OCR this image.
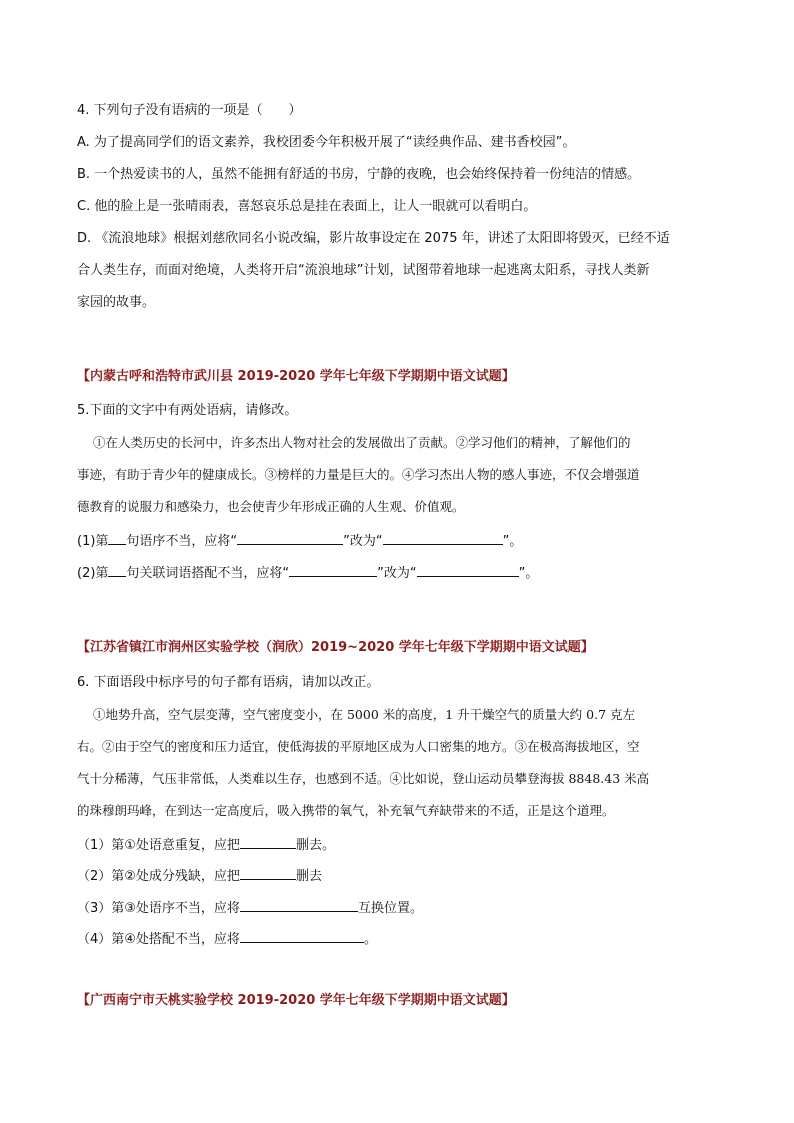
4. 下列句子没有语病的一项是（　　）
A. 为了提高同学们的语文素养，我校团委今年积极开展了“读经典作品、建书香校园”。
B. 一个热爱读书的人，虽然不能拥有舒适的书房，宁静的夜晚，也会始终保持着一份纯洁的情感。
C. 他的脸上是一张晴雨表，喜怒哀乐总是挂在表面上，让人一眼就可以看明白。
D. 《流浪地球》根据刘慈欣同名小说改编，影片故事设定在 2075 年，讲述了太阳即将毁灭，已经不适
合人类生存，而面对绝境，人类将开启“流浪地球”计划，试图带着地球一起逃离太阳系，寻找人类新
家园的故事。
【内蒙古呼和浩特市武川县 2019-2020 学年七年级下学期期中语文试题】
5.下面的文字中有两处语病，请修改。
①在人类历史的长河中，许多杰出人物对社会的发展做出了贡献。②学习他们的精神，了解他们的
事迹，有助于青少年的健康成长。③榜样的力量是巨大的。④学习杰出人物的感人事迹，不仅会增强道
德教育的说服力和感染力，也会使青少年形成正确的人生观、价值观。
(1)第 句语序不当，应将“	”改为“	”。
(2)第 句关联词语搭配不当，应将“	”改为“	”。
【江苏省镇江市润州区实验学校（润欣）2019~2020 学年七年级下学期期中语文试题】
6. 下面语段中标序号的句子都有语病，请加以改正。
①地势升高，空气层变薄，空气密度变小，在 5000 米的高度，1 升干燥空气的质量大约 0.7 克左
右。②由于空气的密度和压力适宜，使低海拔的平原地区成为人口密集的地方。③在极高海拔地区，空
气十分稀薄，气压非常低，人类难以生存，也感到不适。④比如说，登山运动员攀登海拔 8848.43 米高
的珠穆朗玛峰，在到达一定高度后，吸入携带的氧气，补充氧气弃缺带来的不适，正是这个道理。
（1）第①处语意重复，应把	删去。
（2）第②处成分残缺，应把	删去
（3）第③处语序不当，应将	互换位置。
（4）第④处搭配不当，应将	。
【广西南宁市天桃实验学校 2019-2020 学年七年级下学期期中语文试题】
